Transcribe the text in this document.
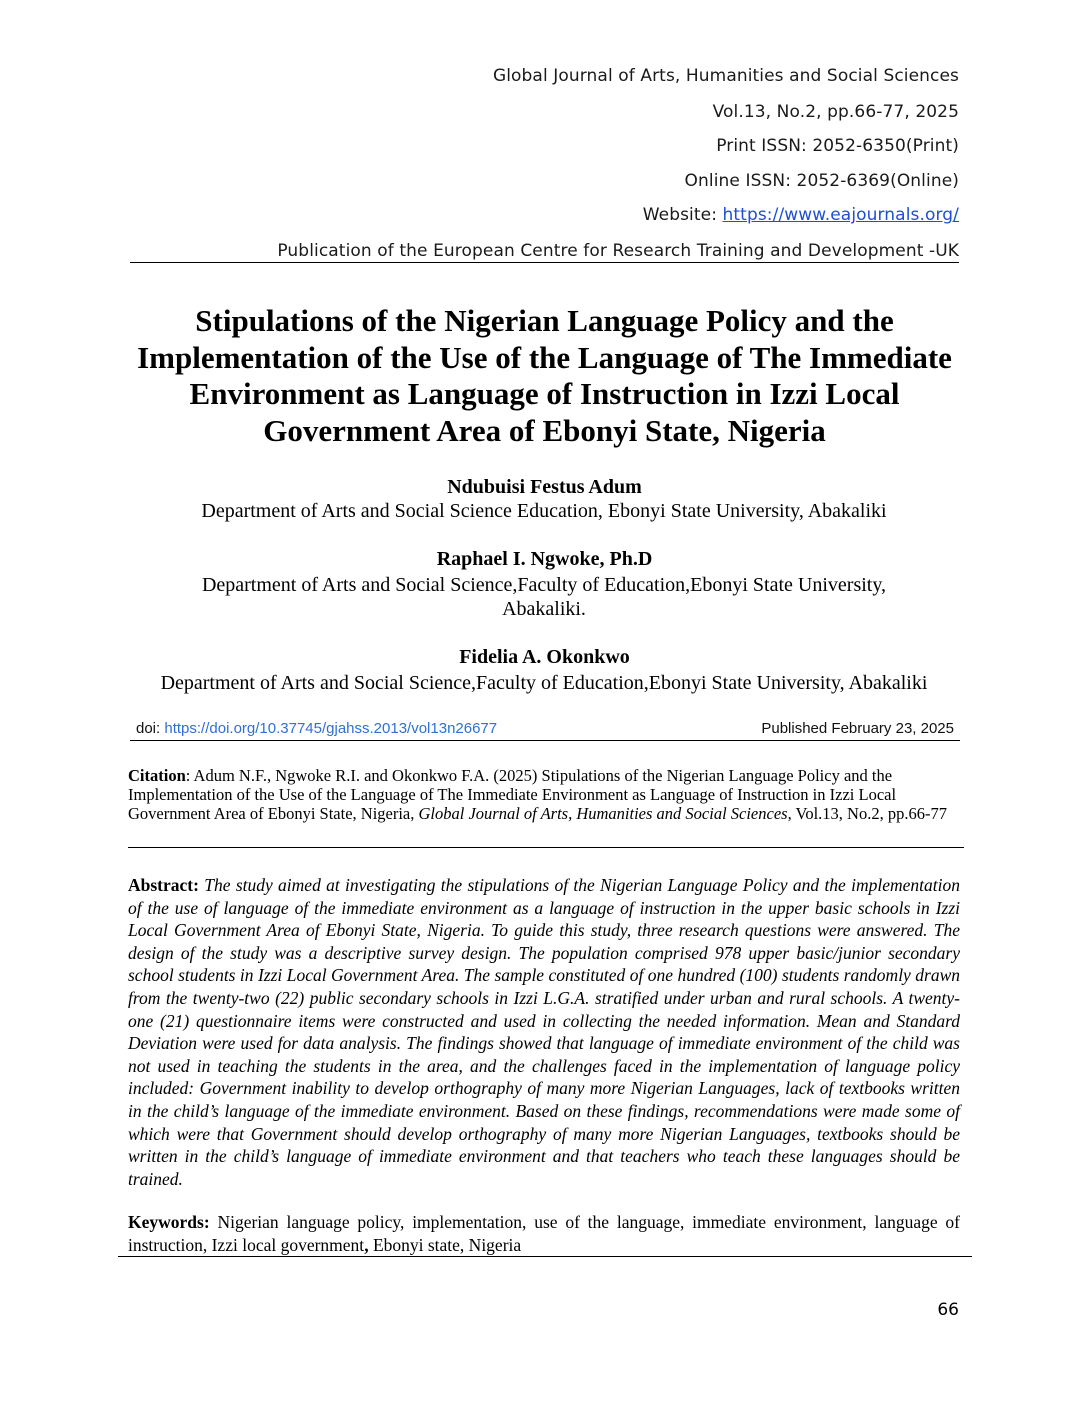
Global Journal of Arts, Humanities and Social Sciences
Vol.13, No.2, pp.66-77, 2025
Print ISSN: 2052-6350(Print)
Online ISSN: 2052-6369(Online)
Website: https://www.eajournals.org/
Publication of the European Centre for Research Training and Development -UK
Stipulations of the Nigerian Language Policy and the Implementation of the Use of the Language of The Immediate Environment as Language of Instruction in Izzi Local Government Area of Ebonyi State, Nigeria
Ndubuisi Festus Adum
Department of Arts and Social Science Education, Ebonyi State University, Abakaliki
Raphael I. Ngwoke, Ph.D
Department of Arts and Social Science,Faculty of Education,Ebonyi State University, Abakaliki.
Fidelia A. Okonkwo
Department of Arts and Social Science,Faculty of Education,Ebonyi State University, Abakaliki
doi: https://doi.org/10.37745/gjahss.2013/vol13n26677	Published February 23, 2025
Citation: Adum N.F., Ngwoke R.I. and Okonkwo F.A. (2025) Stipulations of the Nigerian Language Policy and the Implementation of the Use of the Language of The Immediate Environment as Language of Instruction in Izzi Local Government Area of Ebonyi State, Nigeria, Global Journal of Arts, Humanities and Social Sciences, Vol.13, No.2, pp.66-77
Abstract: The study aimed at investigating the stipulations of the Nigerian Language Policy and the implementation of the use of language of the immediate environment as a language of instruction in the upper basic schools in Izzi Local Government Area of Ebonyi State, Nigeria. To guide this study, three research questions were answered. The design of the study was a descriptive survey design. The population comprised 978 upper basic/junior secondary school students in Izzi Local Government Area. The sample constituted of one hundred (100) students randomly drawn from the twenty-two (22) public secondary schools in Izzi L.G.A. stratified under urban and rural schools. A twenty-one (21) questionnaire items were constructed and used in collecting the needed information. Mean and Standard Deviation were used for data analysis. The findings showed that language of immediate environment of the child was not used in teaching the students in the area, and the challenges faced in the implementation of language policy included: Government inability to develop orthography of many more Nigerian Languages, lack of textbooks written in the child’s language of the immediate environment. Based on these findings, recommendations were made some of which were that Government should develop orthography of many more Nigerian Languages, textbooks should be written in the child’s language of immediate environment and that teachers who teach these languages should be trained.
Keywords: Nigerian language policy, implementation, use of the language, immediate environment, language of instruction, Izzi local government, Ebonyi state, Nigeria
66
